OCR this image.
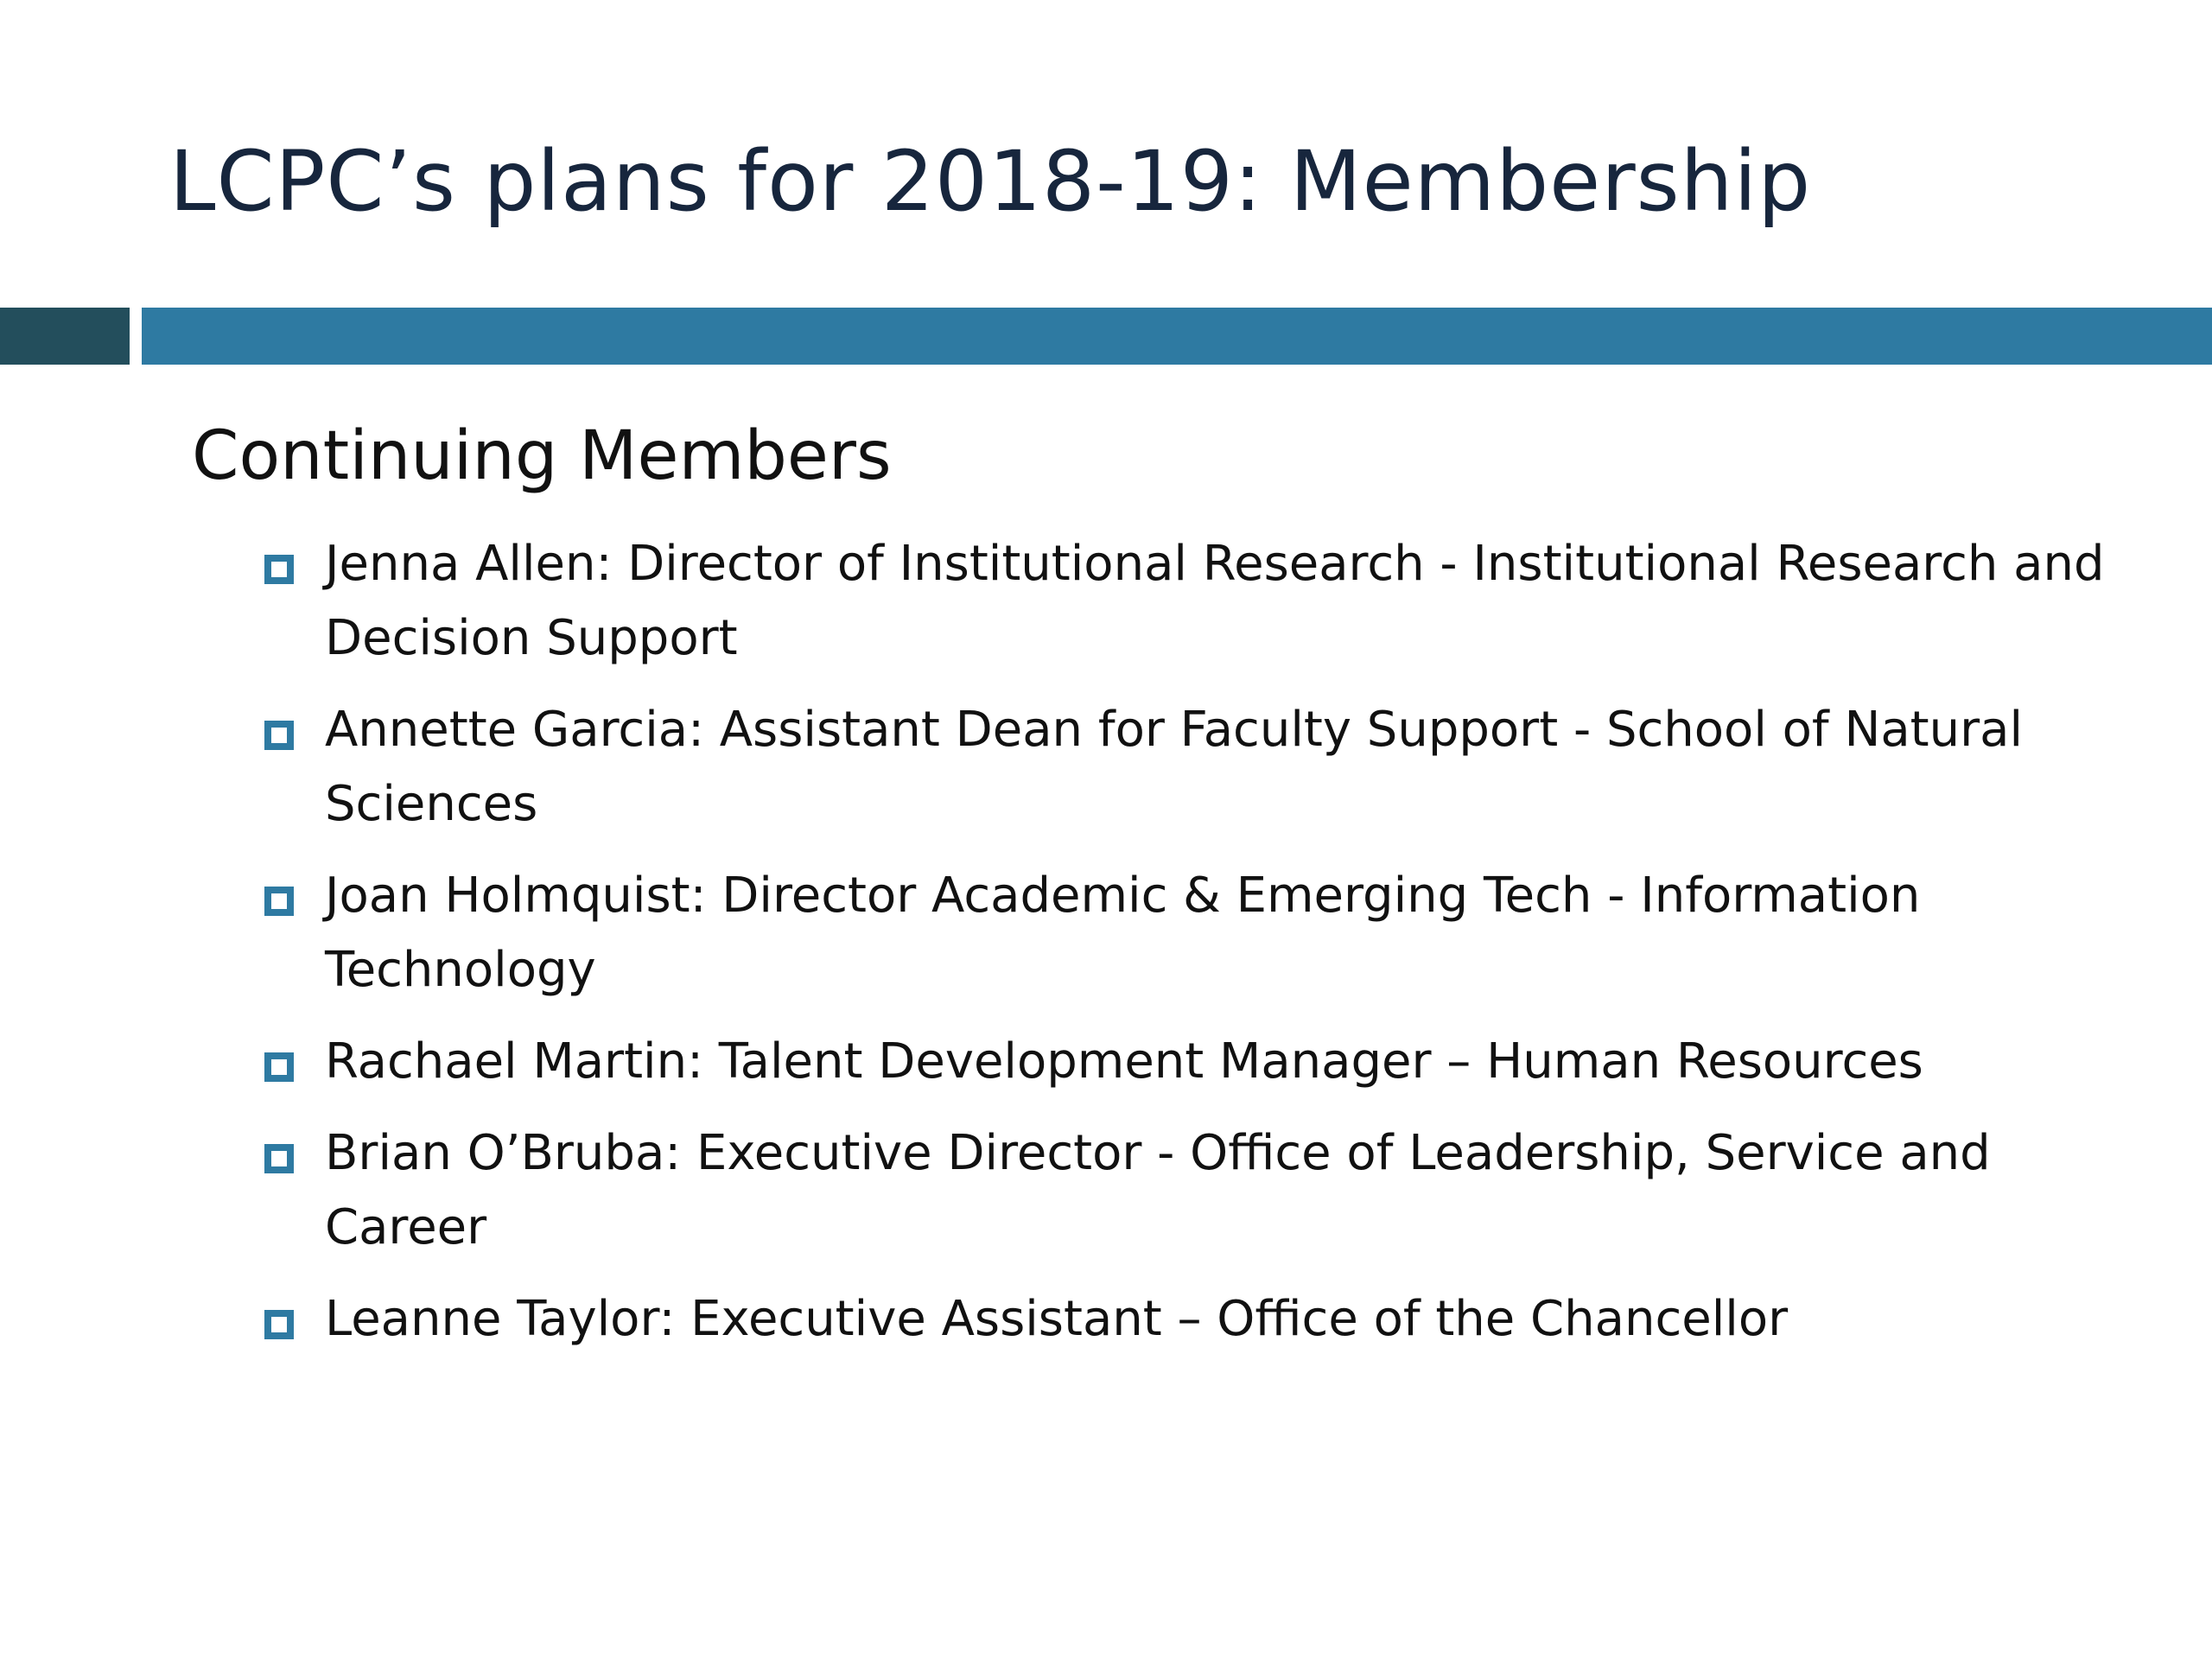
LCPC’s plans for 2018-19: Membership
Continuing Members
Jenna Allen: Director of Institutional Research - Institutional Research and Decision Support
Annette Garcia: Assistant Dean for Faculty Support - School of Natural Sciences
Joan Holmquist: Director Academic & Emerging Tech - Information Technology
Rachael Martin: Talent Development Manager – Human Resources
Brian O’Bruba: Executive Director - Office of Leadership, Service and Career
Leanne Taylor: Executive Assistant – Office of the Chancellor
